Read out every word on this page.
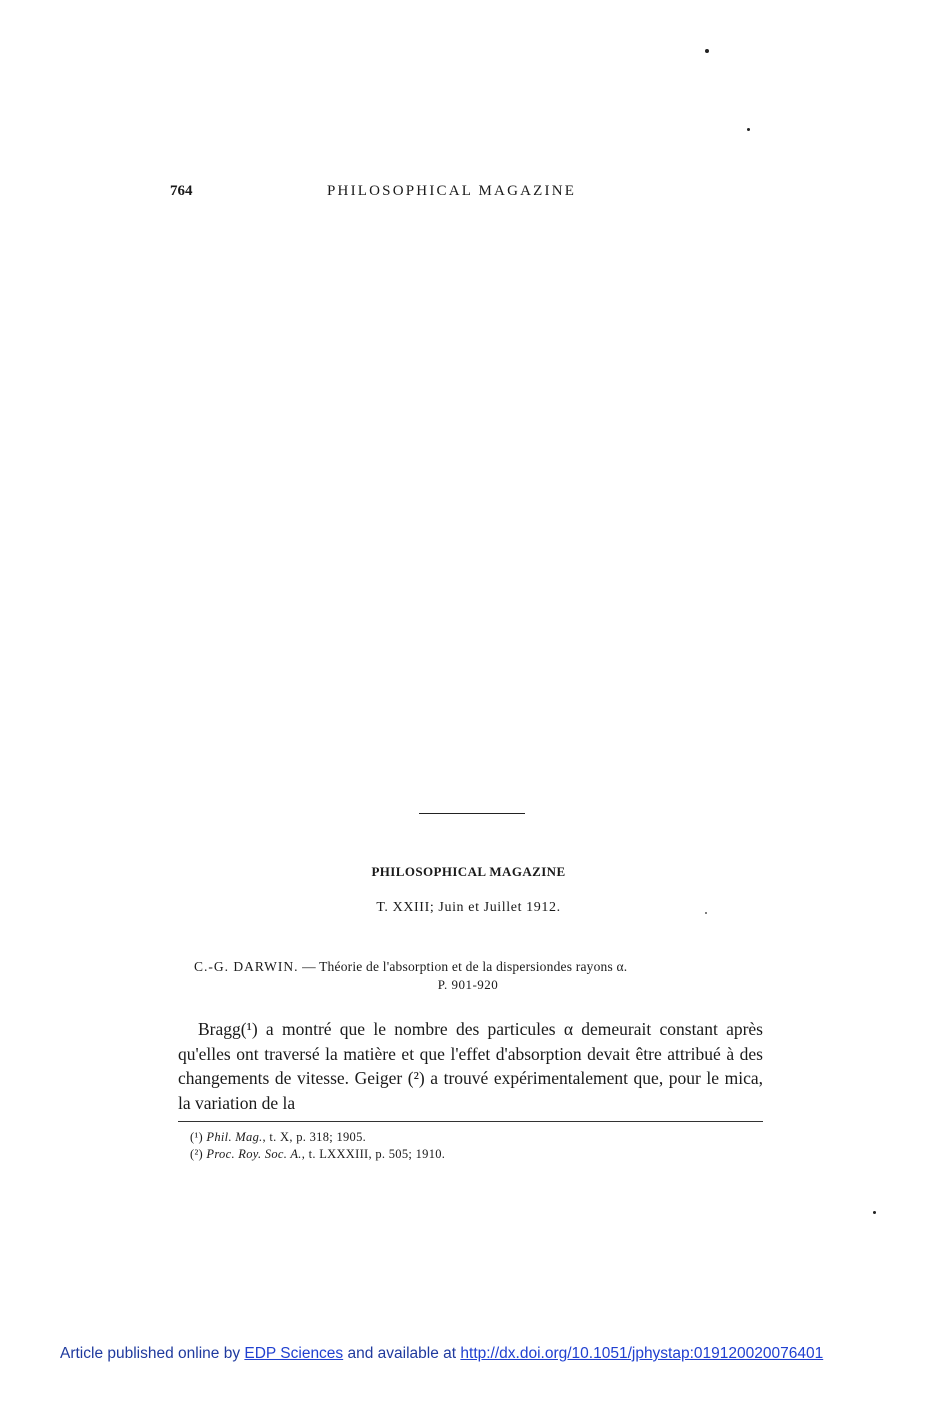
764	PHILOSOPHICAL MAGAZINE
PHILOSOPHICAL MAGAZINE
T. XXIII; Juin et Juillet 1912.
C.-G. DARWIN. — Théorie de l'absorption et de la dispersiondes rayons α.
P. 901-920
Bragg(¹) a montré que le nombre des particules α demeurait constant après qu'elles ont traversé la matière et que l'effet d'absorption devait être attribué à des changements de vitesse. Geiger (²) a trouvé expérimentalement que, pour le mica, la variation de la
(¹) Phil. Mag., t. X, p. 318; 1905.
(²) Proc. Roy. Soc. A., t. LXXXIII, p. 505; 1910.
Article published online by EDP Sciences and available at http://dx.doi.org/10.1051/jphystap:019120020076401
